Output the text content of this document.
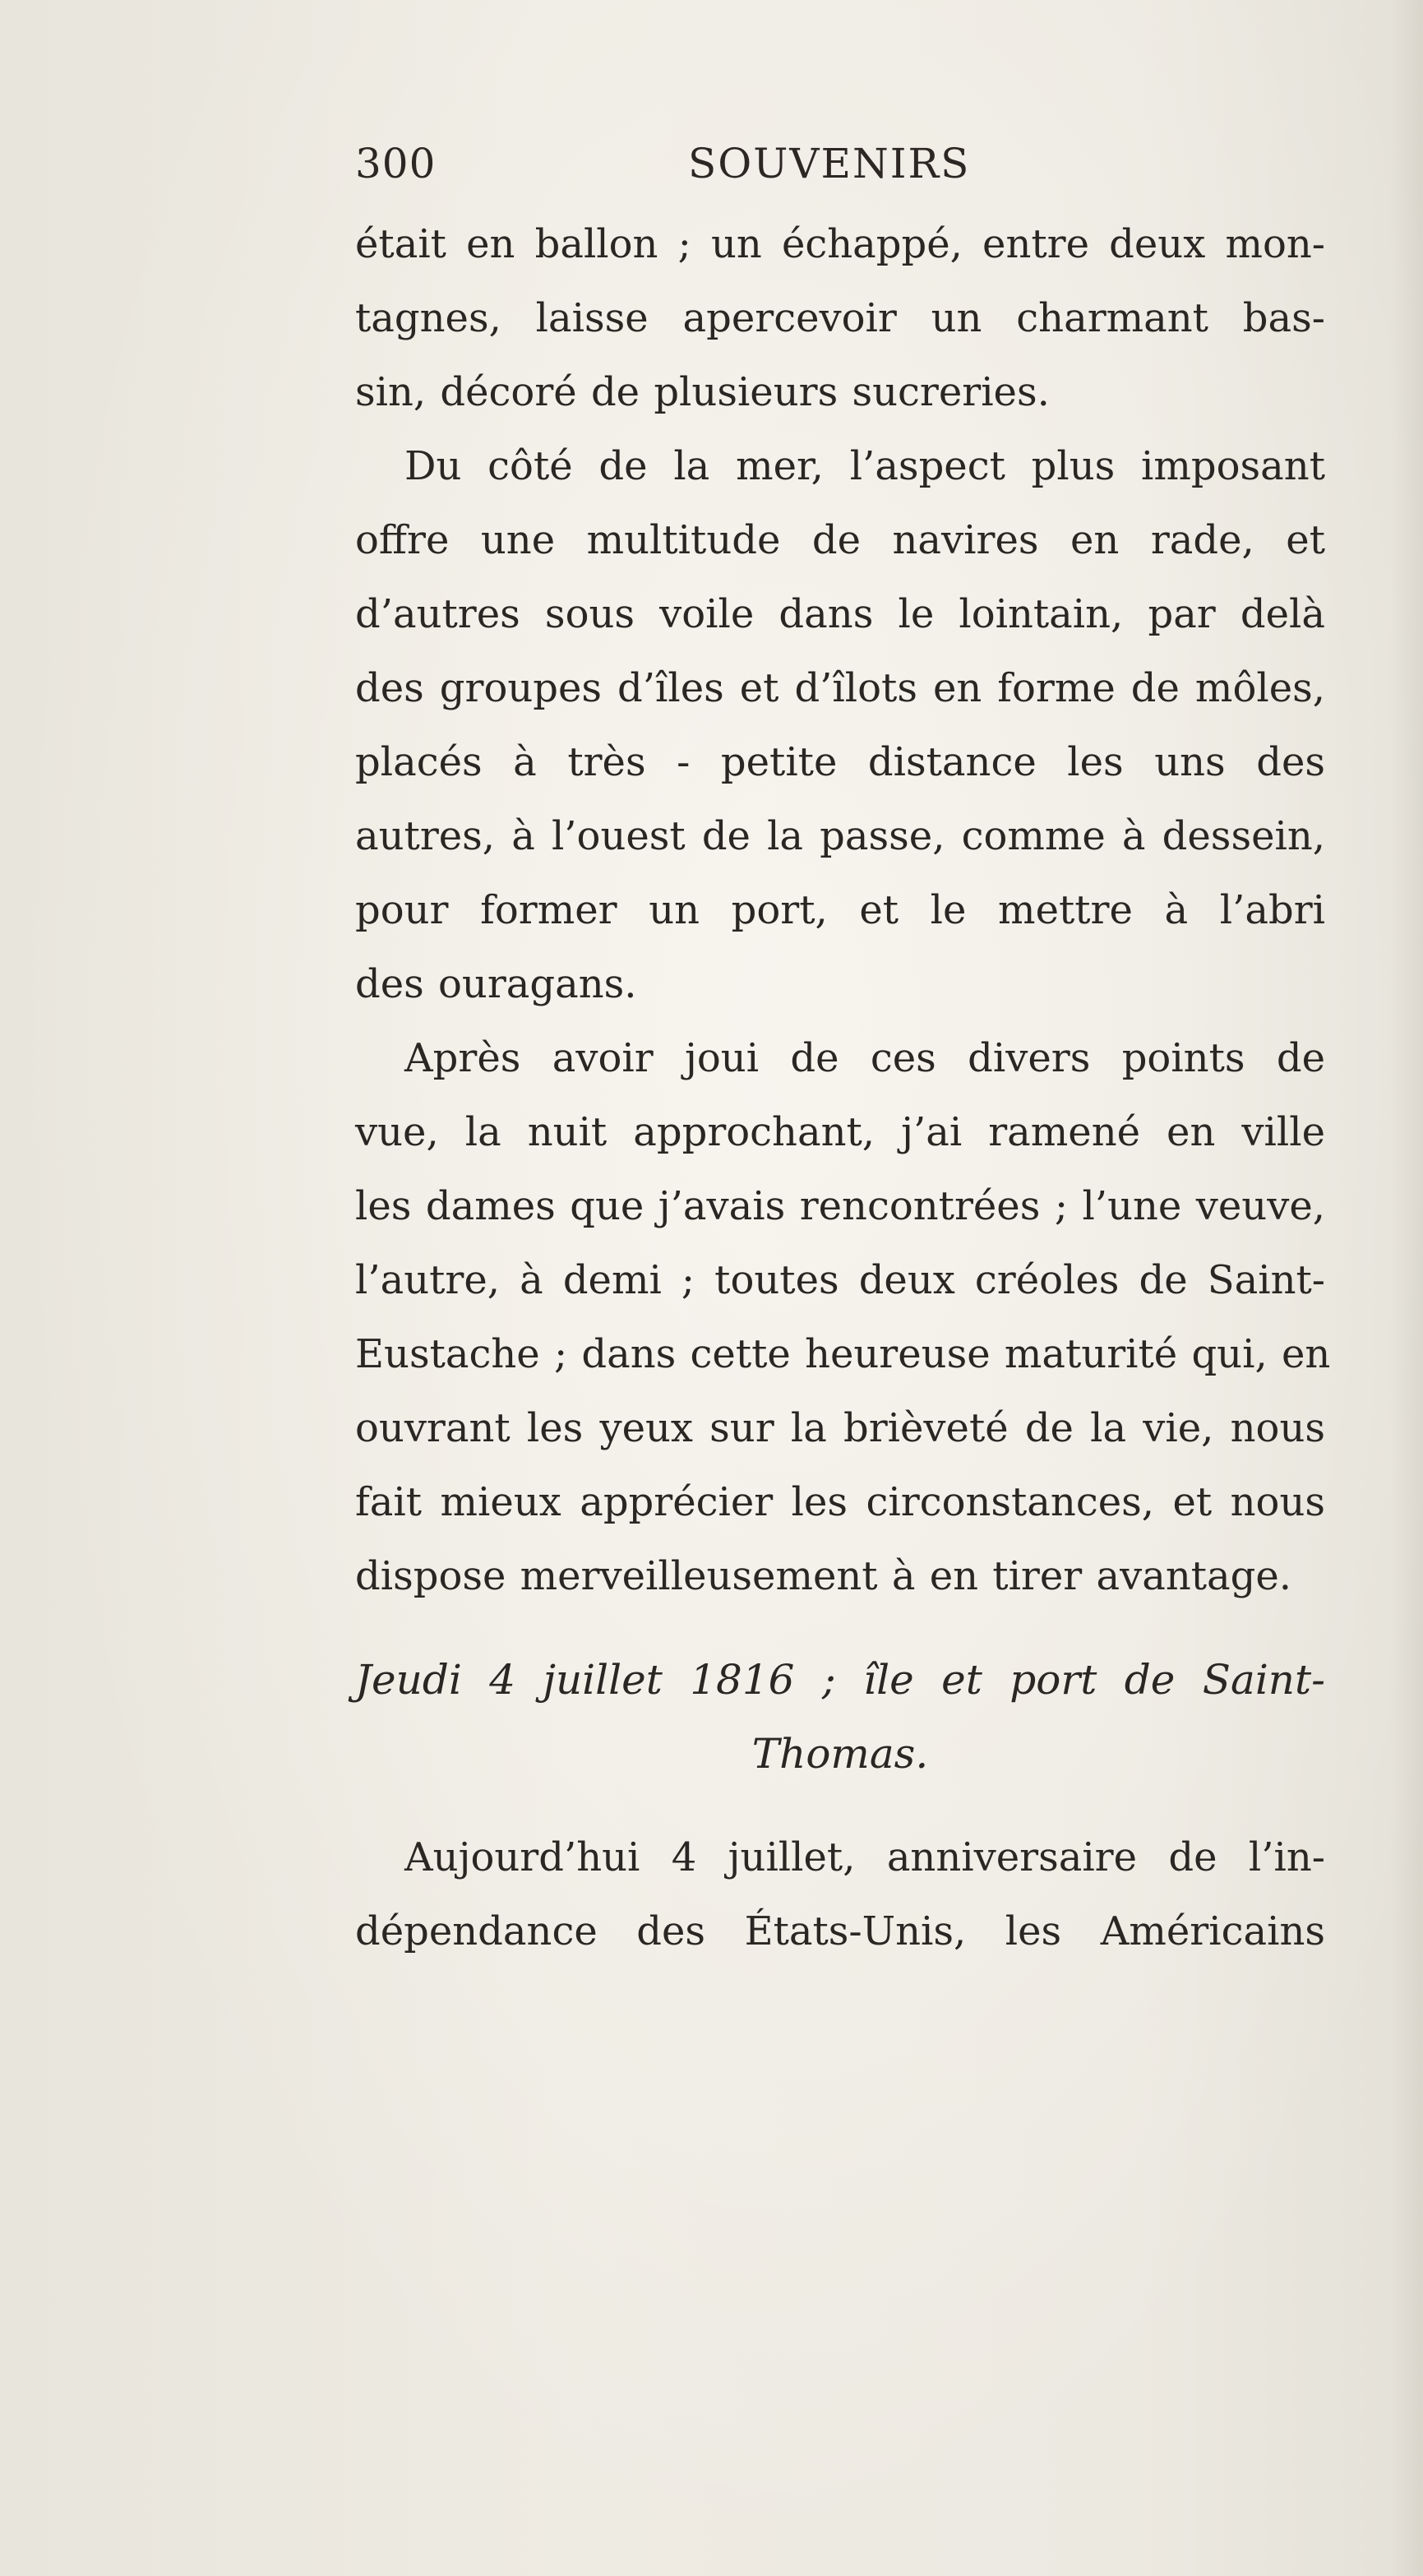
300	SOUVENIRS
était en ballon ; un échappé, entre deux mon-
tagnes, laisse apercevoir un charmant bas-
sin, décoré de plusieurs sucreries.
Du côté de la mer, l’aspect plus imposant
offre une multitude de navires en rade, et
d’autres sous voile dans le lointain, par delà
des groupes d’îles et d’îlots en forme de môles,
placés à très - petite distance les uns des
autres, à l’ouest de la passe, comme à dessein,
pour former un port, et le mettre à l’abri
des ouragans.
Après avoir joui de ces divers points de
vue, la nuit approchant, j’ai ramené en ville
les dames que j’avais rencontrées ; l’une veuve,
l’autre, à demi ; toutes deux créoles de Saint-
Eustache ; dans cette heureuse maturité qui, en
ouvrant les yeux sur la brièveté de la vie, nous
fait mieux apprécier les circonstances, et nous
dispose merveilleusement à en tirer avantage.
Jeudi 4 juillet 1816 ; île et port de Saint-
Thomas.
Aujourd’hui 4 juillet, anniversaire de l’in-
dépendance des États-Unis, les Américains
